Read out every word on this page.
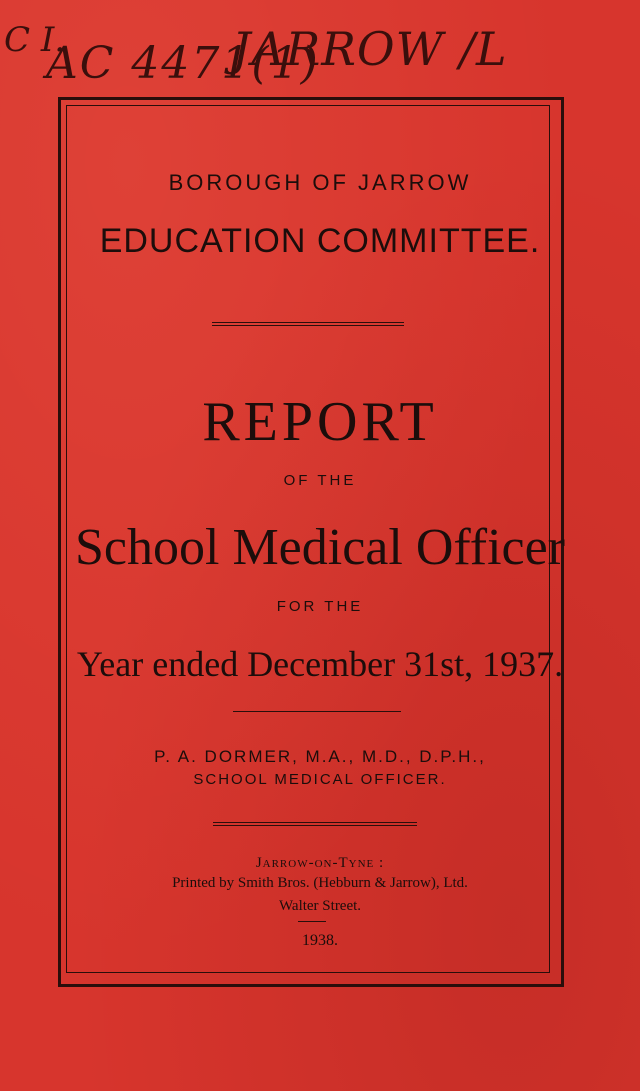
C I.
AC 4471(1)
JARROW /L
BOROUGH OF JARROW
EDUCATION COMMITTEE.
REPORT
OF THE
School Medical Officer
FOR THE
Year ended December 31st, 1937.
P. A. DORMER, M.A., M.D., D.P.H.,
SCHOOL MEDICAL OFFICER.
Jarrow-on-Tyne :
Printed by Smith Bros. (Hebburn & Jarrow), Ltd.
Walter Street.
1938.
